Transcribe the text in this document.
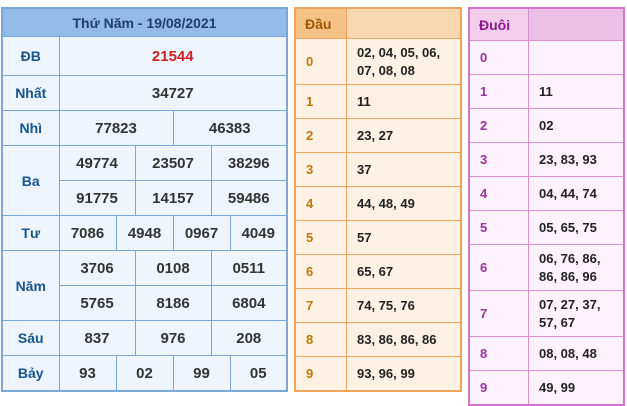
Thứ Năm - 19/08/2021						
ĐB	21544					
Nhất	34727					
Nhì	77823			46383		
Ba	49774		23507		38296	
	91775		14157		59486	
Tư	7086	4948		0967		4049
Năm	3706		0108		0511	
	5765		8186		6804	
Sáu	837		976		208	
Bảy	93	02		99		05
Đầu	
0	02, 04, 05, 06, 07, 08, 08
1	11
2	23, 27
3	37
4	44, 48, 49
5	57
6	65, 67
7	74, 75, 76
8	83, 86, 86, 86
9	93, 96, 99
Đuôi	
0	
1	11
2	02
3	23, 83, 93
4	04, 44, 74
5	05, 65, 75
6	06, 76, 86, 86, 86, 96
7	07, 27, 37, 57, 67
8	08, 08, 48
9	49, 99
